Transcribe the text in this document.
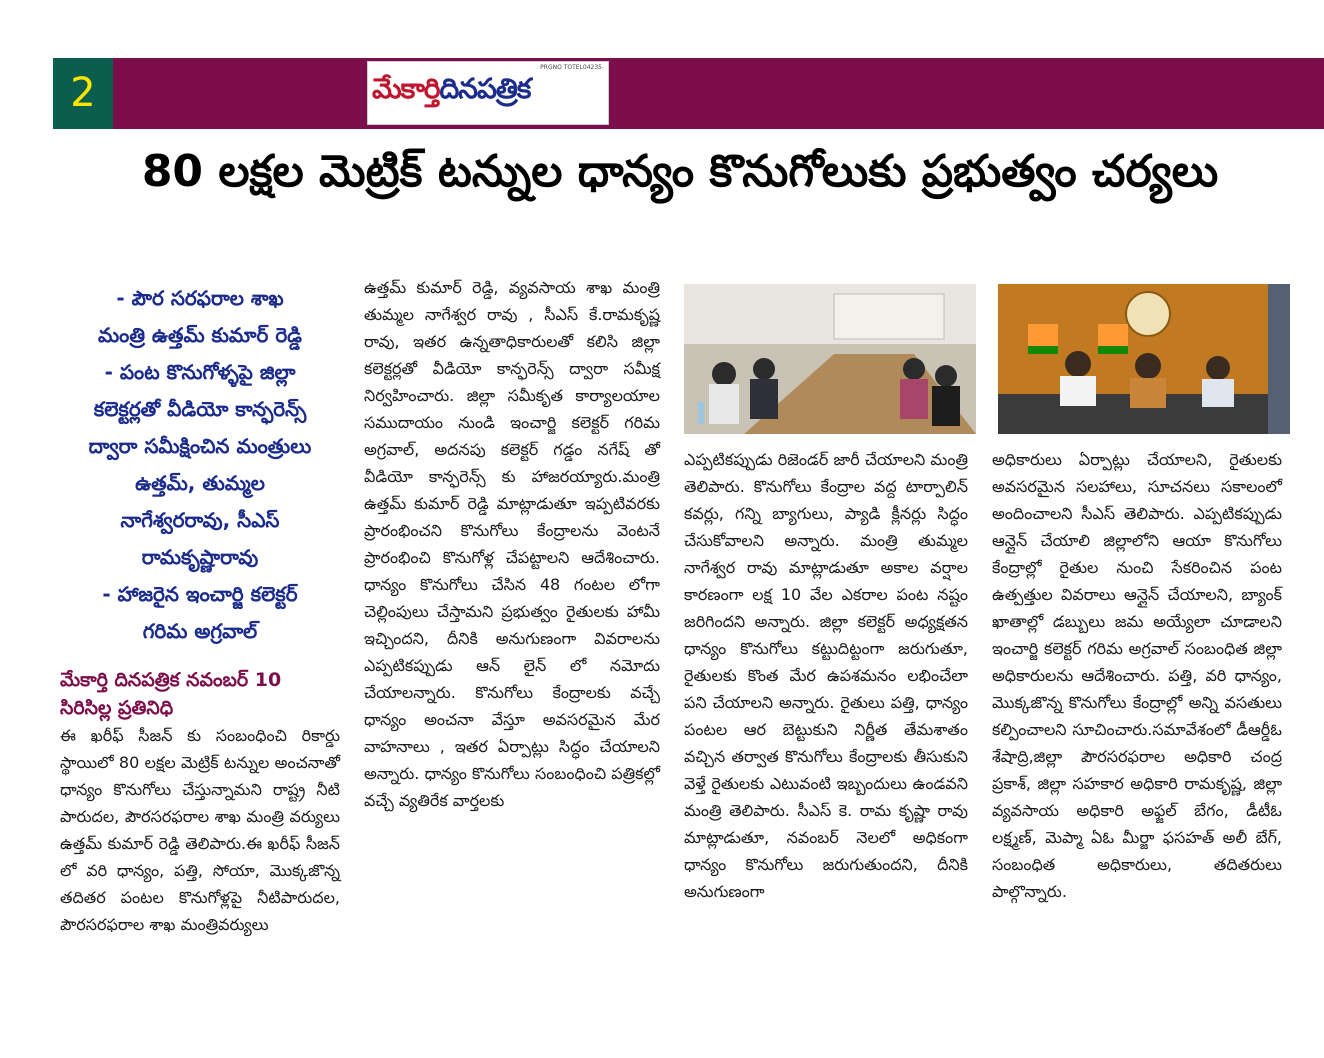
2
PRGNO TOTEL04235
మేకార్తిదినపత్రిక
80 లక్షల మెట్రిక్ టన్నుల ధాన్యం కొనుగోలుకు ప్రభుత్వం చర్యలు
- పౌర సరఫరాల శాఖ
మంత్రి ఉత్తమ్ కుమార్ రెడ్డి
- పంట కొనుగోళ్ళపై జిల్లా
కలెక్టర్లతో వీడియో కాన్ఫరెన్స్
ద్వారా సమీక్షించిన మంత్రులు
ఉత్తమ్, తుమ్మల
నాగేశ్వరరావు, సీఎస్
రామకృష్ణారావు
- హాజరైన ఇంచార్జి కలెక్టర్
గరిమ అగ్రవాల్
మేకార్తి దినపత్రిక నవంబర్ 10
సిరిసిల్ల ప్రతినిధి

ఈ ఖరీఫ్ సీజన్ కు సంబంధించి రికార్డు స్థాయిలో 80 లక్షల మెట్రిక్ టన్నుల అంచనాతో ధాన్యం కొనుగోలు చేస్తున్నామని రాష్ట్ర నీటి పారుదల, పౌరసరఫరాల శాఖ మంత్రి వర్యులు ఉత్తమ్ కుమార్ రెడ్డి తెలిపారు.ఈ ఖరీఫ్ సీజన్ లో వరి ధాన్యం, పత్తి, సోయా, మొక్కజొన్న తదితర పంటల కొనుగోళ్లపై నీటిపారుదల, పౌరసరఫరాల శాఖ మంత్రివర్యులు

ఉత్తమ్ కుమార్ రెడ్డి, వ్యవసాయ శాఖ మంత్రి తుమ్మల నాగేశ్వర రావు , సీఎస్ కే.రామకృష్ణ రావు, ఇతర ఉన్నతాధికారులతో కలిసి జిల్లా కలెక్టర్లతో వీడియో కాన్ఫరెన్స్ ద్వారా సమీక్ష నిర్వహించారు. జిల్లా సమీకృత కార్యాలయాల సముదాయం నుండి ఇంచార్జి కలెక్టర్ గరిమ అగ్రవాల్, అదనపు కలెక్టర్ గడ్డం నగేష్ తో వీడియో కాన్ఫరెన్స్ కు హాజరయ్యారు.మంత్రి ఉత్తమ్ కుమార్ రెడ్డి మాట్లాడుతూ ఇప్పటివరకు ప్రారంభించని కొనుగోలు కేంద్రాలను వెంటనే ప్రారంభించి కొనుగోళ్ల చేపట్టాలని ఆదేశించారు. ధాన్యం కొనుగోలు చేసిన 48 గంటల లోగా చెల్లింపులు చేస్తామని ప్రభుత్వం రైతులకు హామీ ఇచ్చిందని, దీనికి అనుగుణంగా వివరాలను ఎప్పటికప్పుడు ఆన్ లైన్ లో నమోదు చేయాలన్నారు. కొనుగోలు కేంద్రాలకు వచ్చే ధాన్యం అంచనా వేస్తూ అవసరమైన మేర వాహనాలు , ఇతర ఏర్పాట్లు సిద్ధం చేయాలని అన్నారు. ధాన్యం కొనుగోలు సంబంధించి పత్రికల్లో వచ్చే వ్యతిరేక వార్తలకు

ఎప్పటికప్పుడు రిజెండర్ జారీ చేయాలని మంత్రి తెలిపారు. కొనుగోలు కేంద్రాల వద్ద టార్పాలిన్ కవర్లు, గన్ని బ్యాగులు, ప్యాడి క్లీనర్లు సిద్ధం చేసుకోవాలని అన్నారు. మంత్రి తుమ్మల నాగేశ్వర రావు మాట్లాడుతూ అకాల వర్షాల కారణంగా లక్ష 10 వేల ఎకరాల పంట నష్టం జరిగిందని అన్నారు. జిల్లా కలెక్టర్ అధ్యక్షతన ధాన్యం కొనుగోలు కట్టుదిట్టంగా జరుగుతూ, రైతులకు కొంత మేర ఉపశమనం లభించేలా పని చేయాలని అన్నారు. రైతులు పత్తి, ధాన్యం పంటల ఆర బెట్టుకుని నిర్ణీత తేమశాతం వచ్చిన తర్వాత కొనుగోలు కేంద్రాలకు తీసుకుని వెళ్తే రైతులకు ఎటువంటి ఇబ్బందులు ఉండవని మంత్రి తెలిపారు. సీఎస్ కె. రామ కృష్ణా రావు మాట్లాడుతూ, నవంబర్ నెలలో అధికంగా ధాన్యం కొనుగోలు జరుగుతుందని, దీనికి అనుగుణంగా

అధికారులు ఏర్పాట్లు చేయాలని, రైతులకు అవసరమైన సలహాలు, సూచనలు సకాలంలో అందించాలని సీఎస్ తెలిపారు. ఎప్పటికప్పుడు ఆన్లైన్ చేయాలి జిల్లాలోని ఆయా కొనుగోలు కేంద్రాల్లో రైతుల నుంచి సేకరించిన పంట ఉత్పత్తుల వివరాలు ఆన్లైన్ చేయాలని, బ్యాంక్ ఖాతాల్లో డబ్బులు జమ అయ్యేలా చూడాలని ఇంచార్జి కలెక్టర్ గరిమ అగ్రవాల్ సంబంధిత జిల్లా అధికారులను ఆదేశించారు. పత్తి, వరి ధాన్యం, మొక్కజొన్న కొనుగోలు కేంద్రాల్లో అన్ని వసతులు కల్పించాలని సూచించారు.సమావేశంలో డీఆర్డీఓ శేషాద్రి,జిల్లా పౌరసరఫరాల అధికారి చంద్ర ప్రకాశ్, జిల్లా సహకార అధికారి రామకృష్ణ, జిల్లా వ్యవసాయ అధికారి అఫ్జల్ బేగం, డీటీఓ లక్ష్మణ్, మెప్మా ఏఓ మీర్జా ఫసహత్ అలీ బేగ్, సంబంధిత అధికారులు, తదితరులు పాల్గొన్నారు.
